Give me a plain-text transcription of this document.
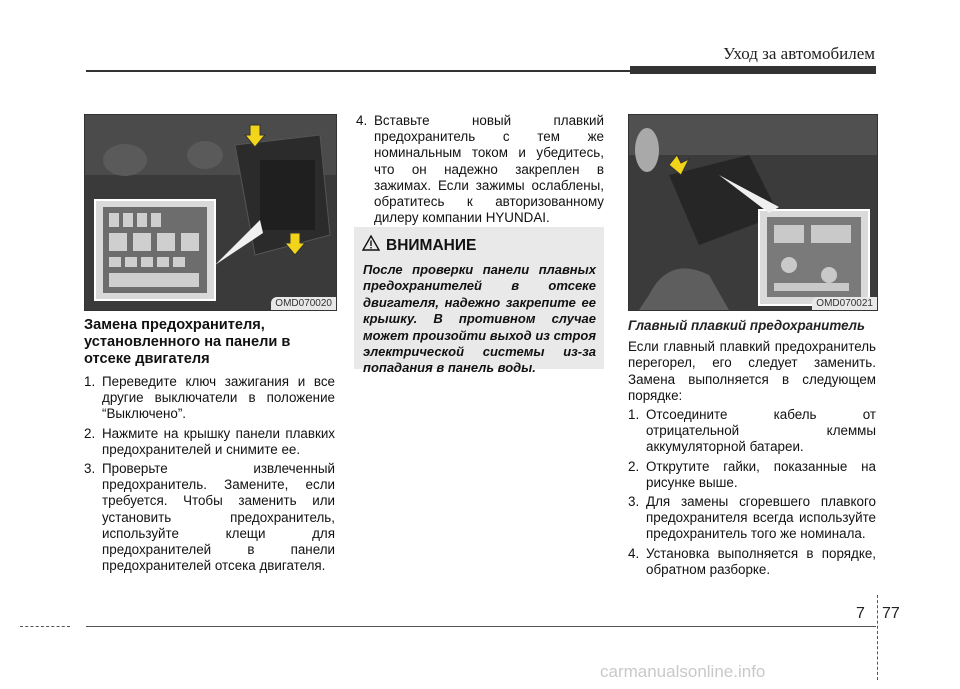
Уход за автомобилем
OMD070020	OMD070021
Замена предохранителя, установленного на панели в отсеке двигателя
1. Переведите ключ зажигания и все другие выключатели в положение “Выключено”.
2. Нажмите на крышку панели плавких предохранителей и снимите ее.
3. Проверьте извлеченный предохранитель. Замените, если требуется. Чтобы заменить или установить предохранитель, используйте клещи для предохранителей в панели предохранителей отсека двигателя.
4. Вставьте новый плавкий предохранитель с тем же номинальным током и убедитесь, что он надежно закреплен в зажимах. Если зажимы ослаблены, обратитесь к авторизованному дилеру компании HYUNDAI.
ВНИМАНИЕ
После проверки панели плавных предохранителей в отсеке двигателя, надежно закрепите ее крышку. В противном случае может произойти выход из строя электрической системы из-за попадания в панель воды.
Главный плавкий предохранитель
Если главный плавкий предохранитель перегорел, его следует заменить. Замена выполняется в следующем порядке:
1. Отсоедините кабель от отрицательной клеммы аккумуляторной батареи.
2. Открутите гайки, показанные на рисунке выше.
3. Для замены сгоревшего плавкого предохранителя всегда используйте предохранитель того же номинала.
4. Установка выполняется в порядке, обратном разборке.
7 77
carmanualsonline.info
